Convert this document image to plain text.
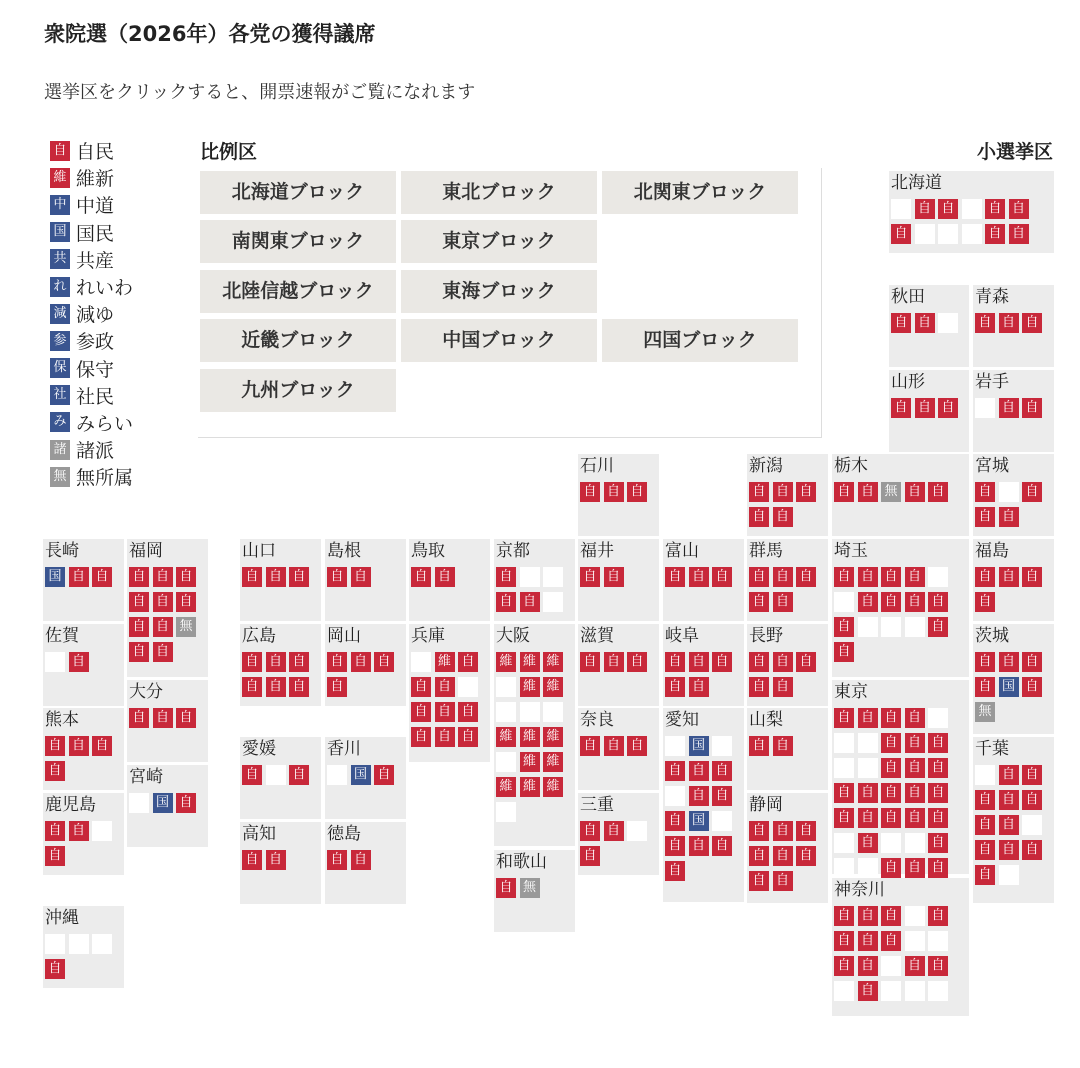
衆院選（2026年）各党の獲得議席
選挙区をクリックすると、開票速報がご覧になれます
自 自民
維 維新
中 中道
国 国民
共 共産
れ れいわ
減 減ゆ
参 参政
保 保守
社 社民
み みらい
諸 諸派
無 無所属
比例区	小選挙区
北海道ブロック	東北ブロック	北関東ブロック
南関東ブロック	東京ブロック
北陸信越ブロック	東海ブロック
近畿ブロック	中国ブロック	四国ブロック
九州ブロック
北海道
自 自	自 自
自	自 自
秋田
自 自
青森
自 自 自
山形
自 自 自
岩手
自 自
石川
自 自 自
新潟
自 自 自
自 自
栃木
自 自 無 自 自
宮城
自	自
自 自
長崎
国 自 自
福岡
自 自 自
自 自 自
自 自 無
自 自
山口
自 自 自
島根
自 自
鳥取
自 自
京都
自
自 自
福井
自 自
富山
自 自 自
群馬
自 自 自
自 自
埼玉
自 自 自 自
自 自 自 自
自	自
自
福島
自 自 自
自
佐賀
自
大分
自 自 自
広島
自 自 自
自 自 自
岡山
自 自 自
自
兵庫
維 自
自 自
自 自 自
自 自 自
大阪
維 維 維
維 維
維 維 維
維 維
維 維 維
滋賀
自 自 自
岐阜
自 自 自
自 自
長野
自 自 自
自 自
茨城
自 自 自
自 国 自
無
熊本
自 自 自
自	宮崎
国 自
愛媛
自	自
香川
国 自
奈良
自 自 自
愛知
国
自 自 自
自 自
自 国
自 自 自
自
山梨
自 自
東京
自 自 自 自
自 自 自
自 自 自
自 自 自 自 自
自 自 自 自 自
自	自
自 自 自
千葉
自 自
自 自 自
自 自
自 自 自
自
鹿児島
自 自
自
三重
自 自
自
静岡
自 自 自
自 自 自
自 自
高知
自 自
徳島
自 自	和歌山
自 無	神奈川
自 自 自	自
自 自 自
自 自	自 自
自
沖縄
自
